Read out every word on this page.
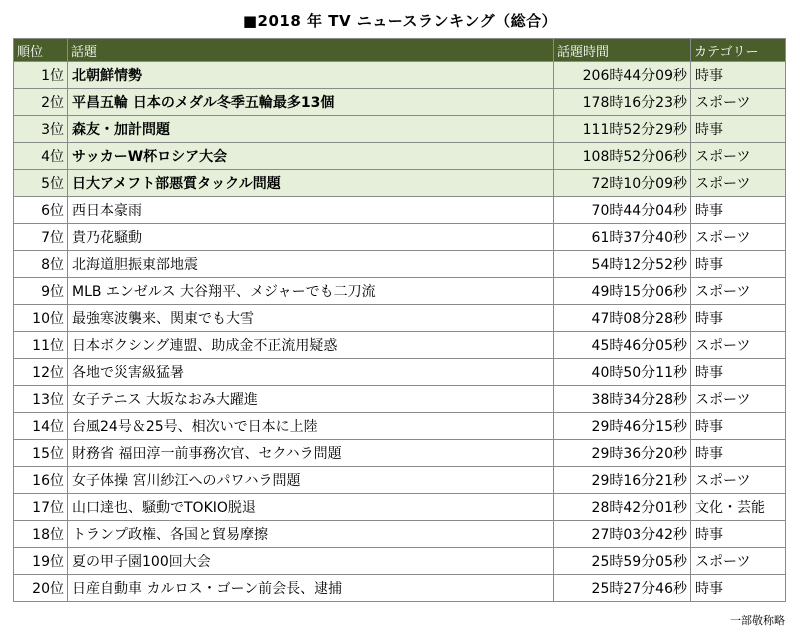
■2018 年 TV ニュースランキング（総合）
順位	話題	話題時間	カテゴリー
1位	北朝鮮情勢	206時44分09秒	時事
2位	平昌五輪 日本のメダル冬季五輪最多13個	178時16分23秒	スポーツ
3位	森友・加計問題	111時52分29秒	時事
4位	サッカーW杯ロシア大会	108時52分06秒	スポーツ
5位	日大アメフト部悪質タックル問題	72時10分09秒	スポーツ
6位	西日本豪雨	70時44分04秒	時事
7位	貴乃花騒動	61時37分40秒	スポーツ
8位	北海道胆振東部地震	54時12分52秒	時事
9位	MLB エンゼルス 大谷翔平、メジャーでも二刀流	49時15分06秒	スポーツ
10位	最強寒波襲来、関東でも大雪	47時08分28秒	時事
11位	日本ボクシング連盟、助成金不正流用疑惑	45時46分05秒	スポーツ
12位	各地で災害級猛暑	40時50分11秒	時事
13位	女子テニス 大坂なおみ大躍進	38時34分28秒	スポーツ
14位	台風24号＆25号、相次いで日本に上陸	29時46分15秒	時事
15位	財務省 福田淳一前事務次官、セクハラ問題	29時36分20秒	時事
16位	女子体操 宮川紗江へのパワハラ問題	29時16分21秒	スポーツ
17位	山口達也、騒動でTOKIO脱退	28時42分01秒	文化・芸能
18位	トランプ政権、各国と貿易摩擦	27時03分42秒	時事
19位	夏の甲子園100回大会	25時59分05秒	スポーツ
20位	日産自動車 カルロス・ゴーン前会長、逮捕	25時27分46秒	時事
一部敬称略
